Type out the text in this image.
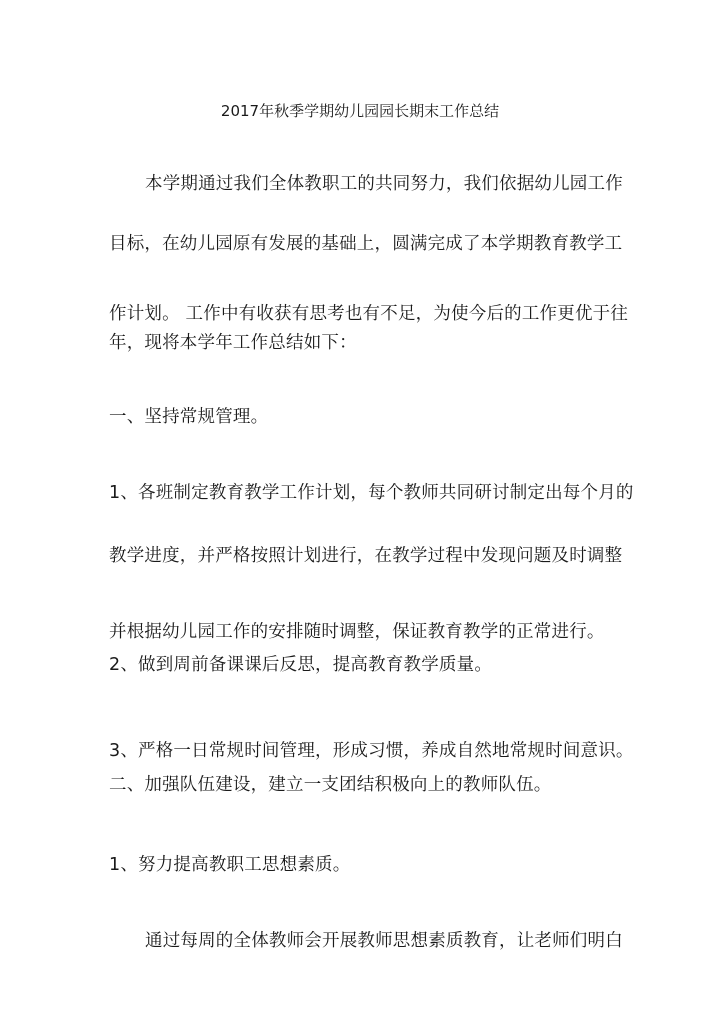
2017年秋季学期幼儿园园长期末工作总结
本学期通过我们全体教职工的共同努力，我们依据幼儿园工作
目标，在幼儿园原有发展的基础上，圆满完成了本学期教育教学工
作计划。 工作中有收获有思考也有不足，为使今后的工作更优于往
年，现将本学年工作总结如下：
一、坚持常规管理。
1、各班制定教育教学工作计划，每个教师共同研讨制定出每个月的
教学进度，并严格按照计划进行，在教学过程中发现问题及时调整
并根据幼儿园工作的安排随时调整，保证教育教学的正常进行。
2、做到周前备课课后反思，提高教育教学质量。
3、严格一日常规时间管理，形成习惯，养成自然地常规时间意识。
二、加强队伍建设，建立一支团结积极向上的教师队伍。
1、努力提高教职工思想素质。
通过每周的全体教师会开展教师思想素质教育，让老师们明白
